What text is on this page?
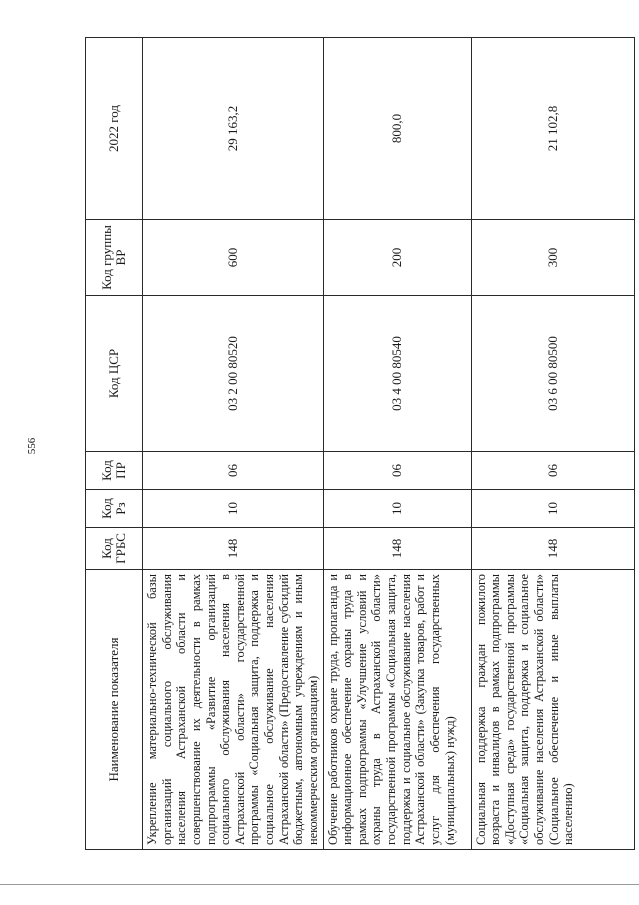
556
Наименование показателя	Код ГРБС	Код Рз	Код ПР	Код ЦСР	Код группы ВР	2022 год
Укрепление материально-технической базы организаций социального обслуживания населения Астраханской области и совершенствование их деятельности в рамках подпрограммы «Развитие организаций социального обслуживания населения в Астраханской области» государственной программы «Социальная защита, поддержка и социальное обслуживание населения Астраханской области» (Предоставление субсидий бюджетным, автономным учреждениям и иным некоммерческим организациям)	148	10	06	03 2 00 80520	600	29 163,2
Обучение работников охране труда, пропаганда и информационное обеспечение охраны труда в рамках подпрограммы «Улучшение условий и охраны труда в Астраханской области» государственной программы «Социальная защита, поддержка и социальное обслуживание населения Астраханской области» (Закупка товаров, работ и услуг для обеспечения государственных (муниципальных) нужд)	148	10	06	03 4 00 80540	200	800,0
Социальная поддержка граждан пожилого возраста и инвалидов в рамках подпрограммы «Доступная среда» государственной программы «Социальная защита, поддержка и социальное обслуживание населения Астраханской области» (Социальное обеспечение и иные выплаты населению)	148	10	06	03 6 00 80500	300	21 102,8
